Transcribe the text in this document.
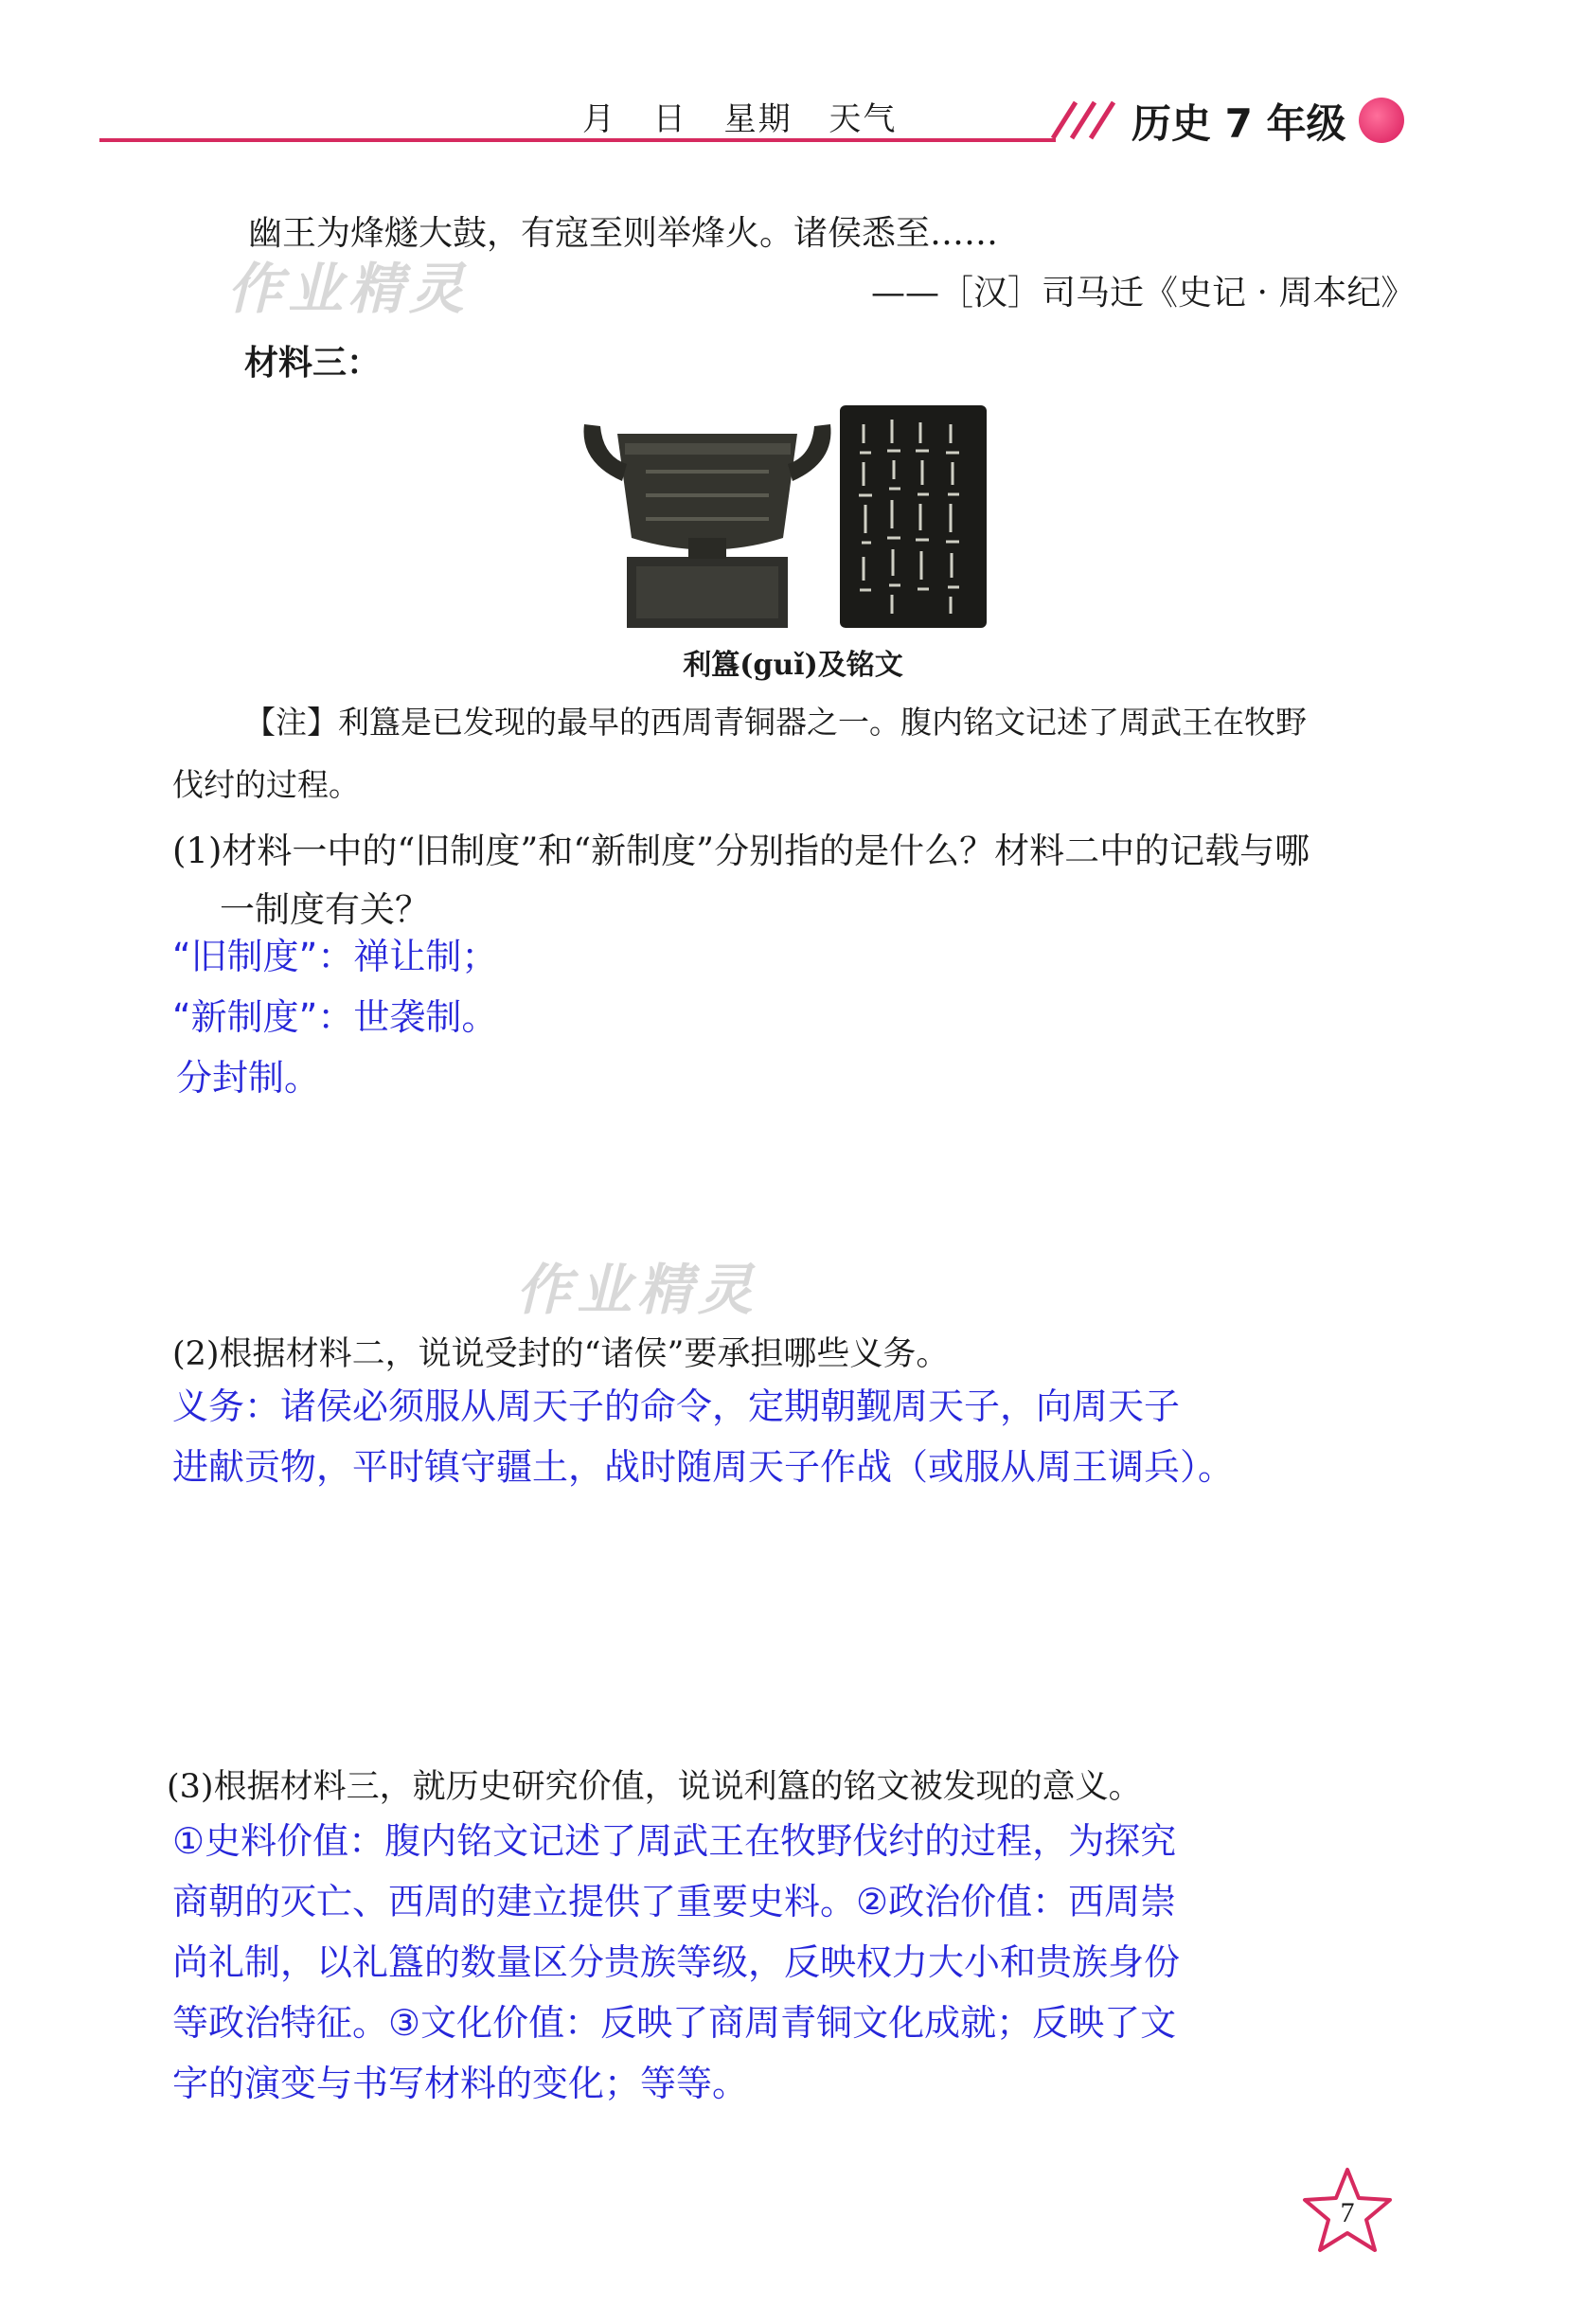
月 日 星期 天气	历史 7 年级
作业精灵
作业精灵
幽王为烽燧大鼓，有寇至则举烽火。诸侯悉至……
——［汉］司马迁《史记 · 周本纪》
材料三：
利簋(guǐ)及铭文
【注】利簋是已发现的最早的西周青铜器之一。腹内铭文记述了周武王在牧野
伐纣的过程。
(1)材料一中的“旧制度”和“新制度”分别指的是什么？材料二中的记载与哪
一制度有关？
“旧制度”：禅让制；
“新制度”：世袭制。
分封制。
(2)根据材料二，说说受封的“诸侯”要承担哪些义务。
义务：诸侯必须服从周天子的命令，定期朝觐周天子，向周天子
进献贡物，平时镇守疆土，战时随周天子作战（或服从周王调兵）。
(3)根据材料三，就历史研究价值，说说利簋的铭文被发现的意义。
①史料价值：腹内铭文记述了周武王在牧野伐纣的过程，为探究
商朝的灭亡、西周的建立提供了重要史料。②政治价值：西周崇
尚礼制，以礼簋的数量区分贵族等级，反映权力大小和贵族身份
等政治特征。③文化价值：反映了商周青铜文化成就；反映了文
字的演变与书写材料的变化；等等。
7
